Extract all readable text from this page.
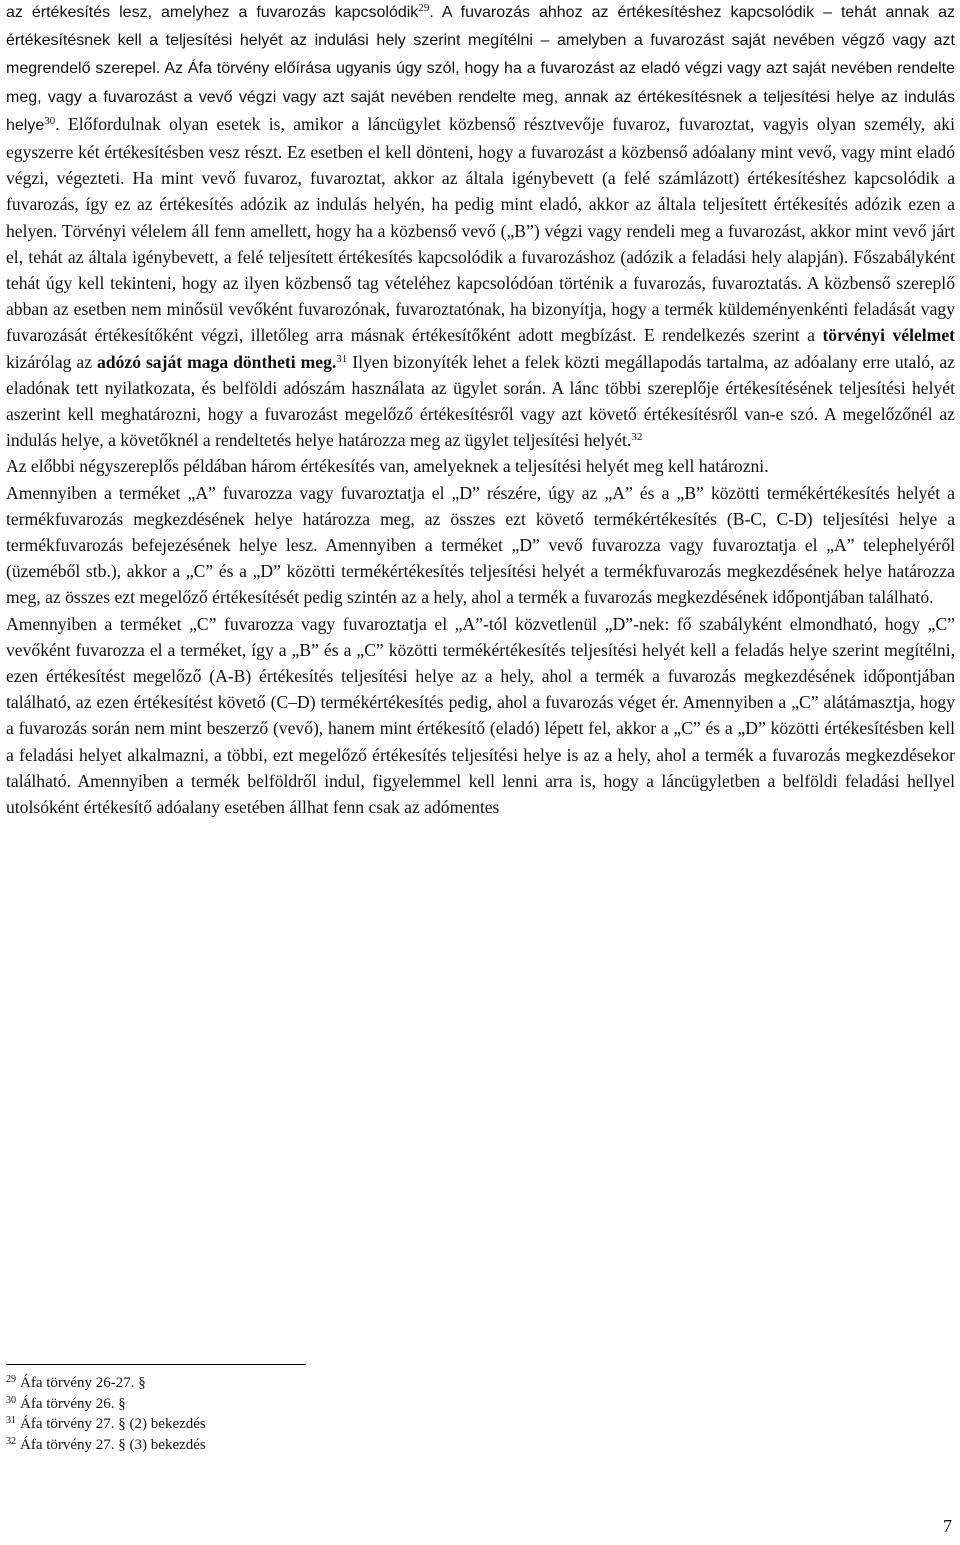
az értékesítés lesz, amelyhez a fuvarozás kapcsolódik$^{29}$. A fuvarozás ahhoz az értékesítéshez kapcsolódik – tehát annak az értékesítésnek kell a teljesítési helyét az indulási hely szerint megítélni – amelyben a fuvarozást saját nevében végző vagy azt megrendelő szerepel. Az Áfa törvény előírása ugyanis úgy szól, hogy ha a fuvarozást az eladó végzi vagy azt saját nevében rendelte meg, vagy a fuvarozást a vevő végzi vagy azt saját nevében rendelte meg, annak az értékesítésnek a teljesítési helye az indulás helye$^{30}$. Előfordulnak olyan esetek is, amikor a láncügylet közbenső résztvevője fuvaroz, fuvaroztat, vagyis olyan személy, aki egyszerre két értékesítésben vesz részt. Ez esetben el kell dönteni, hogy a fuvarozást a közbenső adóalany mint vevő, vagy mint eladó végzi, végezteti. Ha mint vevő fuvaroz, fuvaroztat, akkor az általa igénybevett (a felé számlázott) értékesítéshez kapcsolódik a fuvarozás, így ez az értékesítés adózik az indulás helyén, ha pedig mint eladó, akkor az általa teljesített értékesítés adózik ezen a helyen. Törvényi vélelem áll fenn amellett, hogy ha a közbenső vevő („B”) végzi vagy rendeli meg a fuvarozást, akkor mint vevő járt el, tehát az általa igénybevett, a felé teljesített értékesítés kapcsolódik a fuvarozáshoz (adózik a feladási hely alapján). Főszabályként tehát úgy kell tekinteni, hogy az ilyen közbenső tag vételéhez kapcsolódóan történik a fuvarozás, fuvaroztatás. A közbenső szereplő abban az esetben nem minősül vevőként fuvarozónak, fuvaroztatónak, ha bizonyítja, hogy a termék küldeményenkénti feladását vagy fuvarozását értékesítőként végzi, illetőleg arra másnak értékesítőként adott megbízást. E rendelkezés szerint a törvényi vélelmet kizárólag az adózó saját maga döntheti meg.$^{31}$ Ilyen bizonyíték lehet a felek közti megállapodás tartalma, az adóalany erre utaló, az eladónak tett nyilatkozata, és belföldi adószám használata az ügylet során. A lánc többi szereplője értékesítésének teljesítési helyét aszerint kell meghatározni, hogy a fuvarozást megelőző értékesítésről vagy azt követő értékesítésről van-e szó. A megelőzőnél az indulás helye, a követőknél a rendeltetés helye határozza meg az ügylet teljesítési helyét.$^{32}$

Az előbbi négyszereplős példában három értékesítés van, amelyeknek a teljesítési helyét meg kell határozni.

Amennyiben a terméket „A” fuvarozza vagy fuvaroztatja el „D” részére, úgy az „A” és a „B” közötti termékértékesítés helyét a termékfuvarozás megkezdésének helye határozza meg, az összes ezt követő termékértékesítés (B-C, C-D) teljesítési helye a termékfuvarozás befejezésének helye lesz. Amennyiben a terméket „D” vevő fuvarozza vagy fuvaroztatja el „A” telephelyéről (üzeméből stb.), akkor a „C” és a „D” közötti termékértékesítés teljesítési helyét a termékfuvarozás megkezdésének helye határozza meg, az összes ezt megelőző értékesítését pedig szintén az a hely, ahol a termék a fuvarozás megkezdésének időpontjában található.

Amennyiben a terméket „C” fuvarozza vagy fuvaroztatja el „A”-tól közvetlenül „D”-nek: fő szabályként elmondható, hogy „C” vevőként fuvarozza el a terméket, így a „B” és a „C” közötti termékértékesítés teljesítési helyét kell a feladás helye szerint megítélni, ezen értékesítést megelőző (A-B) értékesítés teljesítési helye az a hely, ahol a termék a fuvarozás megkezdésének időpontjában található, az ezen értékesítést követő (C–D) termékértékesítés pedig, ahol a fuvarozás véget ér. Amennyiben a „C” alátámasztja, hogy a fuvarozás során nem mint beszerző (vevő), hanem mint értékesítő (eladó) lépett fel, akkor a „C” és a „D” közötti értékesítésben kell a feladási helyet alkalmazni, a többi, ezt megelőző értékesítés teljesítési helye is az a hely, ahol a termék a fuvarozás megkezdésekor található. Amennyiben a termék belföldről indul, figyelemmel kell lenni arra is, hogy a láncügyletben a belföldi feladási hellyel utolsóként értékesítő adóalany esetében állhat fenn csak az adómentes

$^{29}$ Áfa törvény 26-27. §
$^{30}$ Áfa törvény 26. §
$^{31}$ Áfa törvény 27. § (2) bekezdés
$^{32}$ Áfa törvény 27. § (3) bekezdés
7
